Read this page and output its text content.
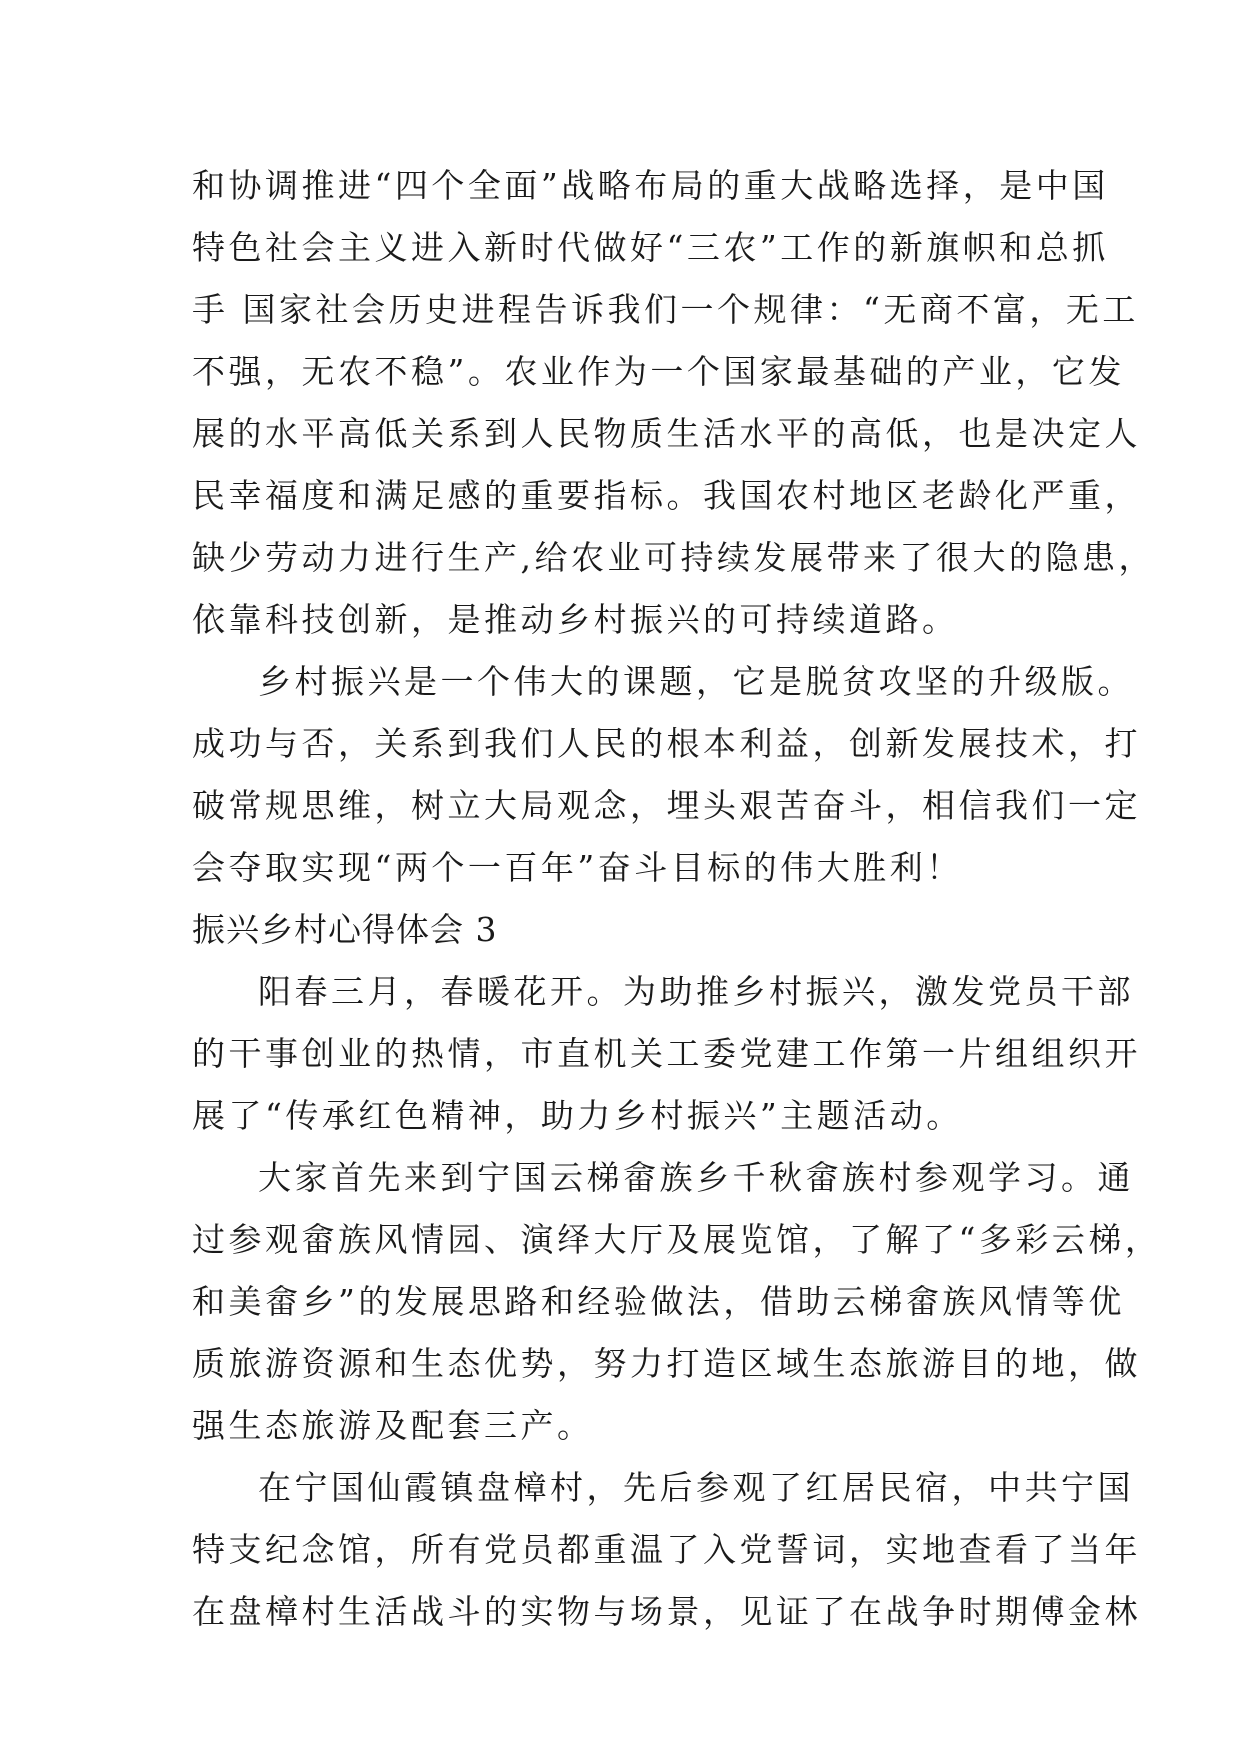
和协调推进“四个全面”战略布局的重大战略选择，是中国
特色社会主义进入新时代做好“三农”工作的新旗帜和总抓
手 国家社会历史进程告诉我们一个规律：“无商不富，无工
不强，无农不稳”。农业作为一个国家最基础的产业，它发
展的水平高低关系到人民物质生活水平的高低，也是决定人
民幸福度和满足感的重要指标。我国农村地区老龄化严重，
缺少劳动力进行生产,给农业可持续发展带来了很大的隐患，
依靠科技创新，是推动乡村振兴的可持续道路。
乡村振兴是一个伟大的课题，它是脱贫攻坚的升级版。
成功与否，关系到我们人民的根本利益，创新发展技术，打
破常规思维，树立大局观念，埋头艰苦奋斗，相信我们一定
会夺取实现“两个一百年”奋斗目标的伟大胜利！
振兴乡村心得体会 3
阳春三月，春暖花开。为助推乡村振兴，激发党员干部
的干事创业的热情，市直机关工委党建工作第一片组组织开
展了“传承红色精神，助力乡村振兴”主题活动。
大家首先来到宁国云梯畲族乡千秋畲族村参观学习。通
过参观畲族风情园、演绎大厅及展览馆，了解了“多彩云梯，
和美畲乡”的发展思路和经验做法，借助云梯畲族风情等优
质旅游资源和生态优势，努力打造区域生态旅游目的地，做
强生态旅游及配套三产。
在宁国仙霞镇盘樟村，先后参观了红居民宿，中共宁国
特支纪念馆，所有党员都重温了入党誓词，实地查看了当年
在盘樟村生活战斗的实物与场景，见证了在战争时期傅金林
